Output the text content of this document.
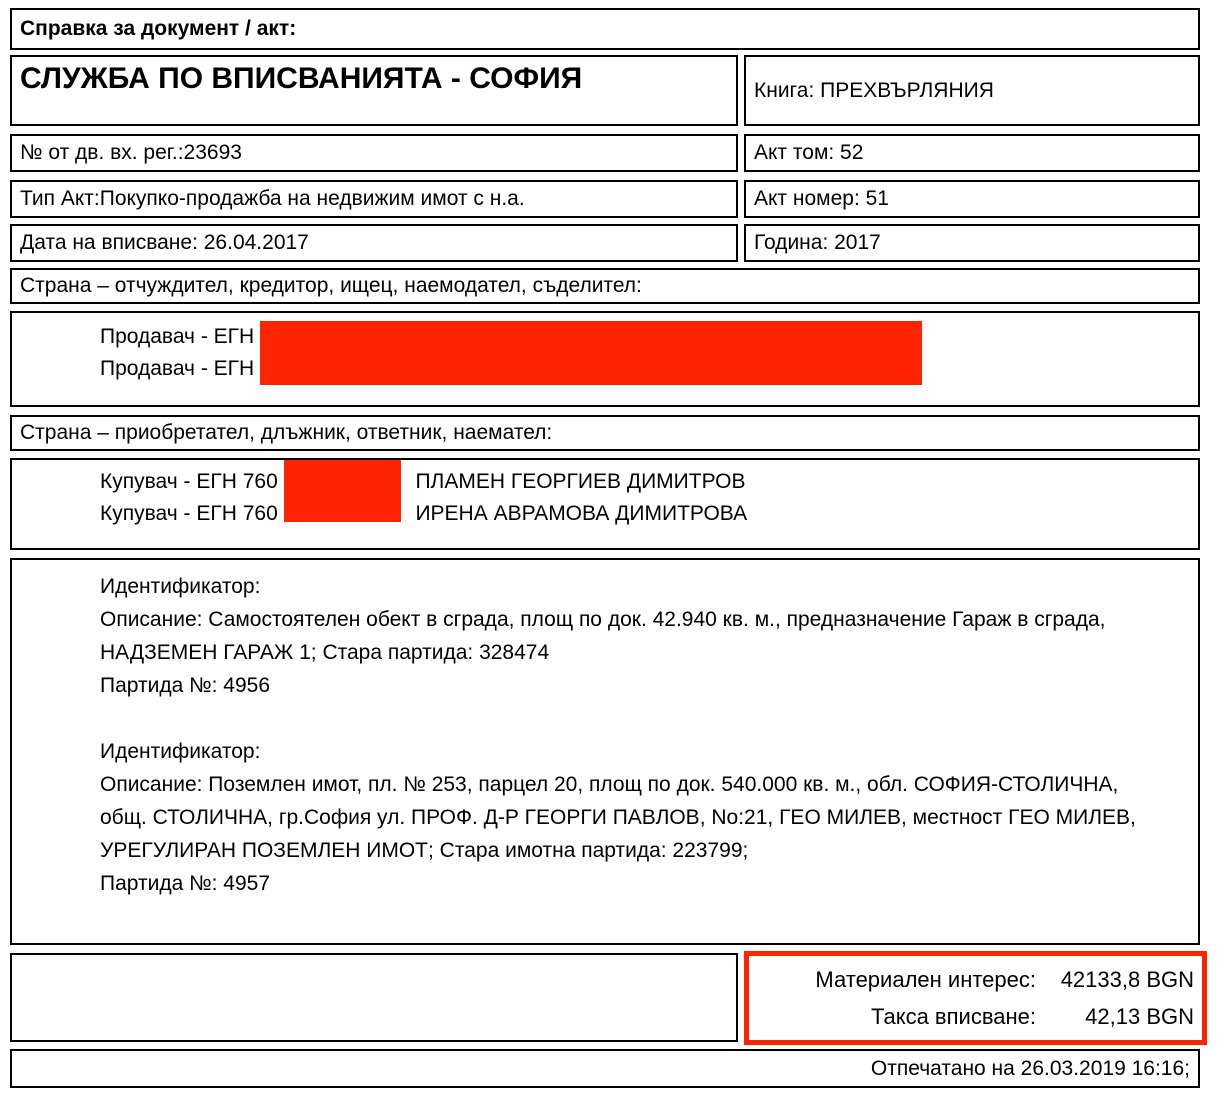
Справка за документ / акт:
СЛУЖБА ПО ВПИСВАНИЯТА - СОФИЯ	Книга: ПРЕХВЪРЛЯНИЯ
№ от дв. вх. рег.:23693	Акт том: 52
Тип Акт:Покупко-продажба на недвижим имот с н.а.	Акт номер: 51
Дата на вписване: 26.04.2017	Година: 2017
Страна – отчуждител, кредитор, ищец, наемодател, съделител:
Продавач - ЕГН
Продавач - ЕГН
Страна – приобретател, длъжник, ответник, наемател:
Купувач - ЕГН 760	ПЛАМЕН ГЕОРГИЕВ ДИМИТРОВ
Купувач - ЕГН 760	ИРЕНА АВРАМОВА ДИМИТРОВА

Идентификатор:

Описание: Самостоятелен обект в сграда, площ по док. 42.940 кв. м., предназначение Гараж в сграда, НАДЗЕМЕН ГАРАЖ 1; Стара партида: 328474

Партида №: 4956

Идентификатор:

Описание: Поземлен имот, пл. № 253, парцел 20, площ по док. 540.000 кв. м., обл. СОФИЯ-СТОЛИЧНА, общ. СТОЛИЧНА, гр.София ул. ПРОФ. Д-Р ГЕОРГИ ПАВЛОВ, No:21, ГЕО МИЛЕВ, местност ГЕО МИЛЕВ, УРЕГУЛИРАН ПОЗЕМЛЕН ИМОТ; Стара имотна партида: 223799;

Партида №: 4957

Материален интерес:	42133,8 BGN
Такса вписване:	42,13 BGN
Отпечатано на 26.03.2019 16:16;
